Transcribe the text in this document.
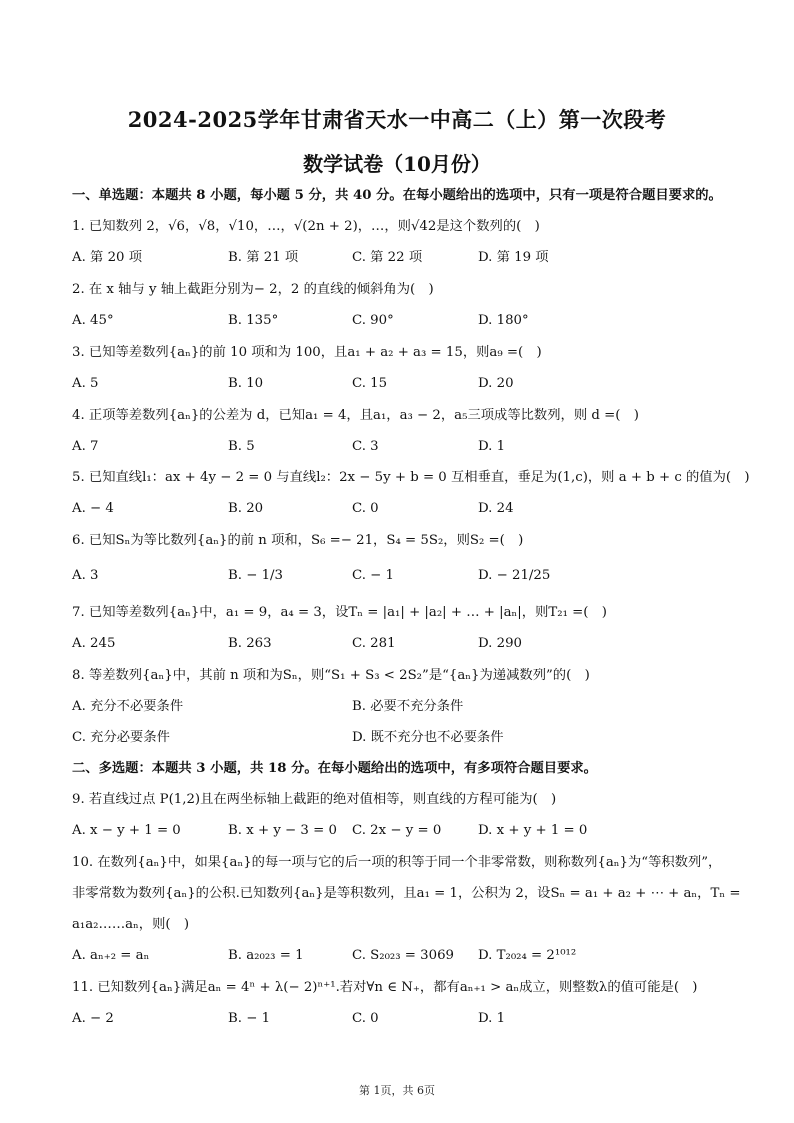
2024-2025学年甘肃省天水一中高二（上）第一次段考
数学试卷（10月份）
一、单选题：本题共 8 小题，每小题 5 分，共 40 分。在每小题给出的选项中，只有一项是符合题目要求的。
1. 已知数列 2，√6，√8，√10，…，√(2n + 2)，…，则√42是这个数列的(　)
A. 第 20 项	B. 第 21 项	C. 第 22 项	D. 第 19 项
2. 在 x 轴与 y 轴上截距分别为− 2，2 的直线的倾斜角为(　)
A. 45°	B. 135°	C. 90°	D. 180°
3. 已知等差数列{aₙ}的前 10 项和为 100，且a₁ + a₂ + a₃ = 15，则a₉ =(　)
A. 5	B. 10	C. 15	D. 20
4. 正项等差数列{aₙ}的公差为 d，已知a₁ = 4，且a₁，a₃ − 2，a₅三项成等比数列，则 d =(　)
A. 7	B. 5	C. 3	D. 1
5. 已知直线l₁：ax + 4y − 2 = 0 与直线l₂：2x − 5y + b = 0 互相垂直，垂足为(1,c)，则 a + b + c 的值为(　)
A. − 4	B. 20	C. 0	D. 24
6. 已知Sₙ为等比数列{aₙ}的前 n 项和，S₆ =− 21，S₄ = 5S₂，则S₂ =(　)
A. 3	B. − 1/3	C. − 1	D. − 21/25
7. 已知等差数列{aₙ}中，a₁ = 9，a₄ = 3，设Tₙ = |a₁| + |a₂| + … + |aₙ|，则T₂₁ =(　)
A. 245	B. 263	C. 281	D. 290
8. 等差数列{aₙ}中，其前 n 项和为Sₙ，则“S₁ + S₃ < 2S₂”是“{aₙ}为递减数列”的(　)
A. 充分不必要条件	B. 必要不充分条件
C. 充分必要条件	D. 既不充分也不必要条件
二、多选题：本题共 3 小题，共 18 分。在每小题给出的选项中，有多项符合题目要求。
9. 若直线过点 P(1,2)且在两坐标轴上截距的绝对值相等，则直线的方程可能为(　)
A. x − y + 1 = 0	B. x + y − 3 = 0 C. 2x − y = 0	D. x + y + 1 = 0
10. 在数列{aₙ}中，如果{aₙ}的每一项与它的后一项的积等于同一个非零常数，则称数列{aₙ}为“等积数列”，
非零常数为数列{aₙ}的公积.已知数列{aₙ}是等积数列，且a₁ = 1，公积为 2，设Sₙ = a₁ + a₂ + ⋯ + aₙ，Tₙ =
a₁a₂……aₙ，则(　)
A. aₙ₊₂ = aₙ	B. a₂₀₂₃ = 1	C. S₂₀₂₃ = 3069 D. T₂₀₂₄ = 2¹⁰¹²
11. 已知数列{aₙ}满足aₙ = 4ⁿ + λ(− 2)ⁿ⁺¹.若对∀n ∈ N₊，都有aₙ₊₁ > aₙ成立，则整数λ的值可能是(　)
A. − 2	B. − 1	C. 0	D. 1
第 1页，共 6页
